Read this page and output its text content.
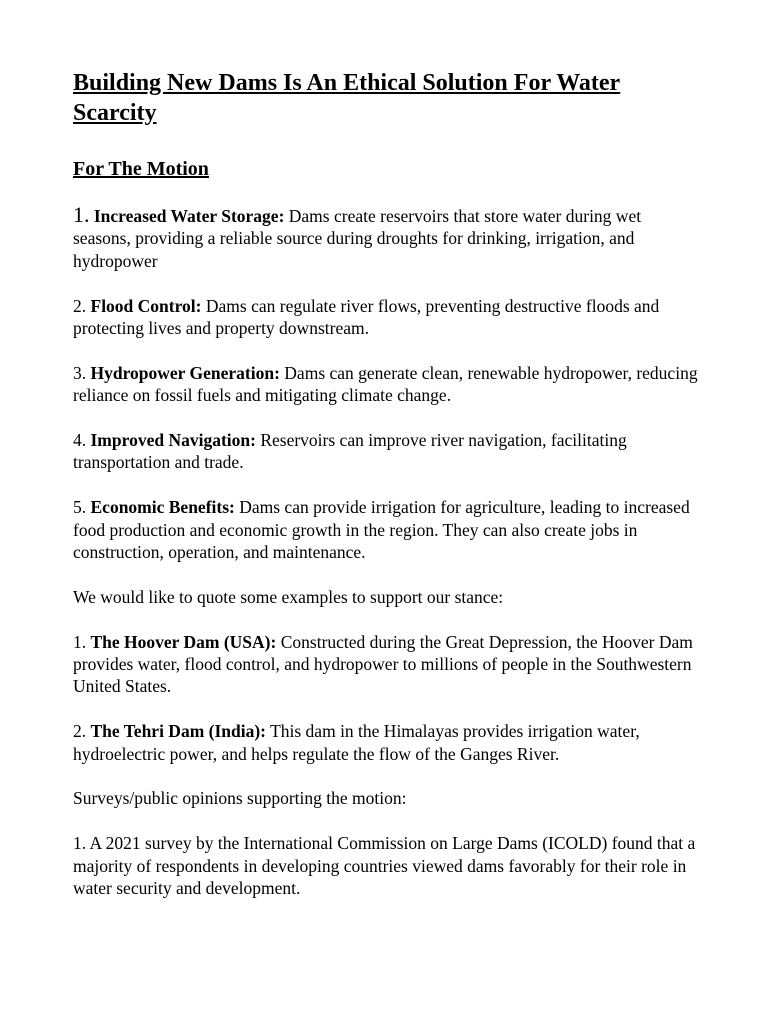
Building New Dams Is An Ethical Solution For Water Scarcity
For The Motion

1. Increased Water Storage: Dams create reservoirs that store water during wet seasons, providing a reliable source during droughts for drinking, irrigation, and hydropower

2. Flood Control: Dams can regulate river flows, preventing destructive floods and protecting lives and property downstream.

3. Hydropower Generation: Dams can generate clean, renewable hydropower, reducing reliance on fossil fuels and mitigating climate change.

4. Improved Navigation: Reservoirs can improve river navigation, facilitating transportation and trade.

5. Economic Benefits: Dams can provide irrigation for agriculture, leading to increased food production and economic growth in the region. They can also create jobs in construction, operation, and maintenance.

We would like to quote some examples to support our stance:

1. The Hoover Dam (USA): Constructed during the Great Depression, the Hoover Dam provides water, flood control, and hydropower to millions of people in the Southwestern United States.

2. The Tehri Dam (India): This dam in the Himalayas provides irrigation water, hydroelectric power, and helps regulate the flow of the Ganges River.

Surveys/public opinions supporting the motion:

1. A 2021 survey by the International Commission on Large Dams (ICOLD) found that a majority of respondents in developing countries viewed dams favorably for their role in water security and development.
